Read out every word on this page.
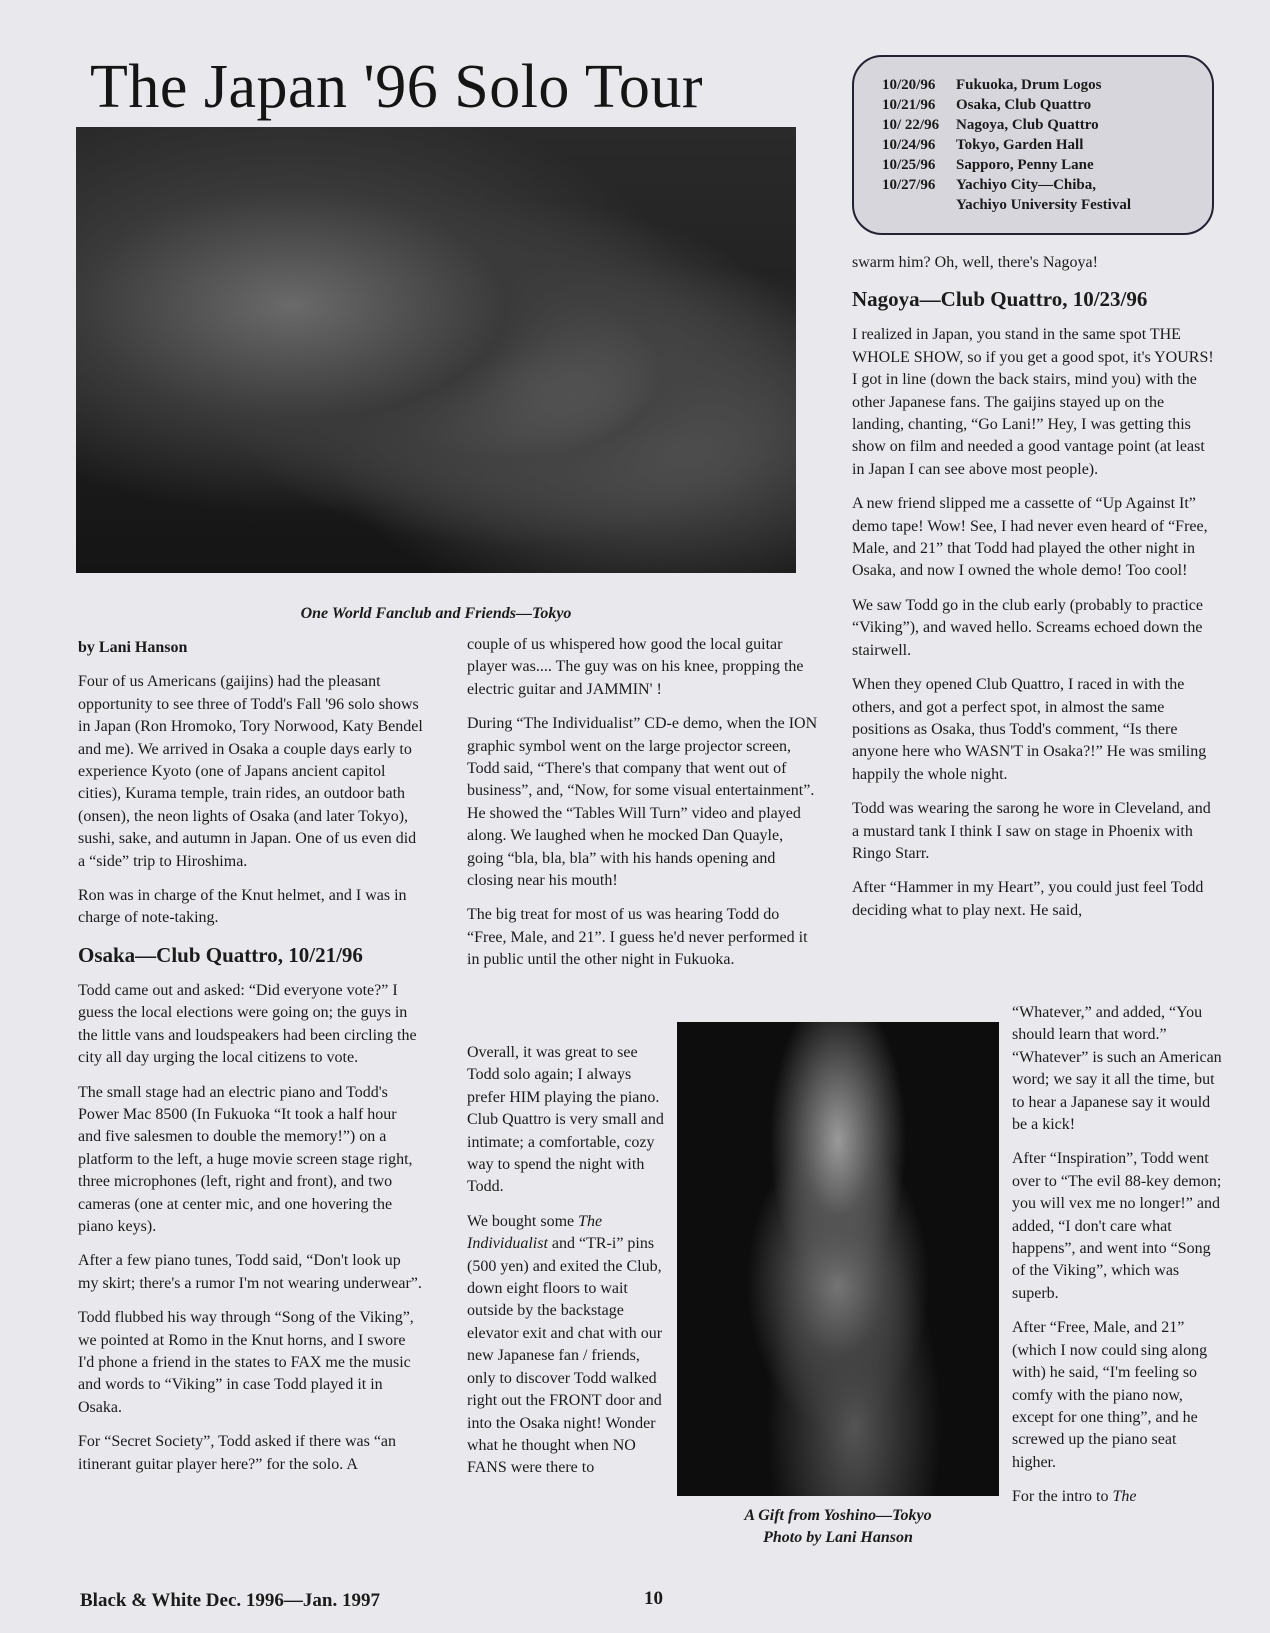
The Japan '96 Solo Tour	10/20/96	Fukuoka, Drum Logos
10/21/96	Osaka, Club Quattro
10/ 22/96	Nagoya, Club Quattro
10/24/96	Tokyo, Garden Hall
10/25/96	Sapporo, Penny Lane
10/27/96	Yachiyo City—Chiba,
Yachiyo University Festival
One World Fanclub and Friends—Tokyo

by Lani Hanson

Four of us Americans (gaijins) had the pleasant opportunity to see three of Todd's Fall '96 solo shows in Japan (Ron Hromoko, Tory Norwood, Katy Bendel and me). We arrived in Osaka a couple days early to experience Kyoto (one of Japans ancient capitol cities), Kurama temple, train rides, an outdoor bath (onsen), the neon lights of Osaka (and later Tokyo), sushi, sake, and autumn in Japan. One of us even did a “side” trip to Hiroshima.

Ron was in charge of the Knut helmet, and I was in charge of note-taking.

Osaka—Club Quattro, 10/21/96

Todd came out and asked: “Did everyone vote?” I guess the local elections were going on; the guys in the little vans and loudspeakers had been circling the city all day urging the local citizens to vote.

The small stage had an electric piano and Todd's Power Mac 8500 (In Fukuoka “It took a half hour and five salesmen to double the memory!”) on a platform to the left, a huge movie screen stage right, three microphones (left, right and front), and two cameras (one at center mic, and one hovering the piano keys).

After a few piano tunes, Todd said, “Don't look up my skirt; there's a rumor I'm not wearing underwear”.

Todd flubbed his way through “Song of the Viking”, we pointed at Romo in the Knut horns, and I swore I'd phone a friend in the states to FAX me the music and words to “Viking” in case Todd played it in Osaka.

For “Secret Society”, Todd asked if there was “an itinerant guitar player here?” for the solo. A

couple of us whispered how good the local guitar player was.... The guy was on his knee, propping the electric guitar and JAMMIN' !

During “The Individualist” CD-e demo, when the ION graphic symbol went on the large projector screen, Todd said, “There's that company that went out of business”, and, “Now, for some visual entertainment”. He showed the “Tables Will Turn” video and played along. We laughed when he mocked Dan Quayle, going “bla, bla, bla” with his hands opening and closing near his mouth!

The big treat for most of us was hearing Todd do “Free, Male, and 21”. I guess he'd never performed it in public until the other night in Fukuoka.

Overall, it was great to see Todd solo again; I always prefer HIM playing the piano. Club Quattro is very small and intimate; a comfortable, cozy way to spend the night with Todd.

We bought some The Individualist and “TR-i” pins (500 yen) and exited the Club, down eight floors to wait outside by the backstage elevator exit and chat with our new Japanese fan / friends, only to discover Todd walked right out the FRONT door and into the Osaka night! Wonder what he thought when NO FANS were there to

A Gift from Yoshino—Tokyo
Photo by Lani Hanson

swarm him? Oh, well, there's Nagoya!

Nagoya—Club Quattro, 10/23/96

I realized in Japan, you stand in the same spot THE WHOLE SHOW, so if you get a good spot, it's YOURS! I got in line (down the back stairs, mind you) with the other Japanese fans. The gaijins stayed up on the landing, chanting, “Go Lani!” Hey, I was getting this show on film and needed a good vantage point (at least in Japan I can see above most people).

A new friend slipped me a cassette of “Up Against It” demo tape! Wow! See, I had never even heard of “Free, Male, and 21” that Todd had played the other night in Osaka, and now I owned the whole demo! Too cool!

We saw Todd go in the club early (probably to practice “Viking”), and waved hello. Screams echoed down the stairwell.

When they opened Club Quattro, I raced in with the others, and got a perfect spot, in almost the same positions as Osaka, thus Todd's comment, “Is there anyone here who WASN'T in Osaka?!” He was smiling happily the whole night.

Todd was wearing the sarong he wore in Cleveland, and a mustard tank I think I saw on stage in Phoenix with Ringo Starr.

After “Hammer in my Heart”, you could just feel Todd deciding what to play next. He said,

“Whatever,” and added, “You should learn that word.” “Whatever” is such an American word; we say it all the time, but to hear a Japanese say it would be a kick!

After “Inspiration”, Todd went over to “The evil 88-key demon; you will vex me no longer!” and added, “I don't care what happens”, and went into “Song of the Viking”, which was superb.

After “Free, Male, and 21” (which I now could sing along with) he said, “I'm feeling so comfy with the piano now, except for one thing”, and he screwed up the piano seat higher.

For the intro to The

Black & White Dec. 1996—Jan. 1997	10
